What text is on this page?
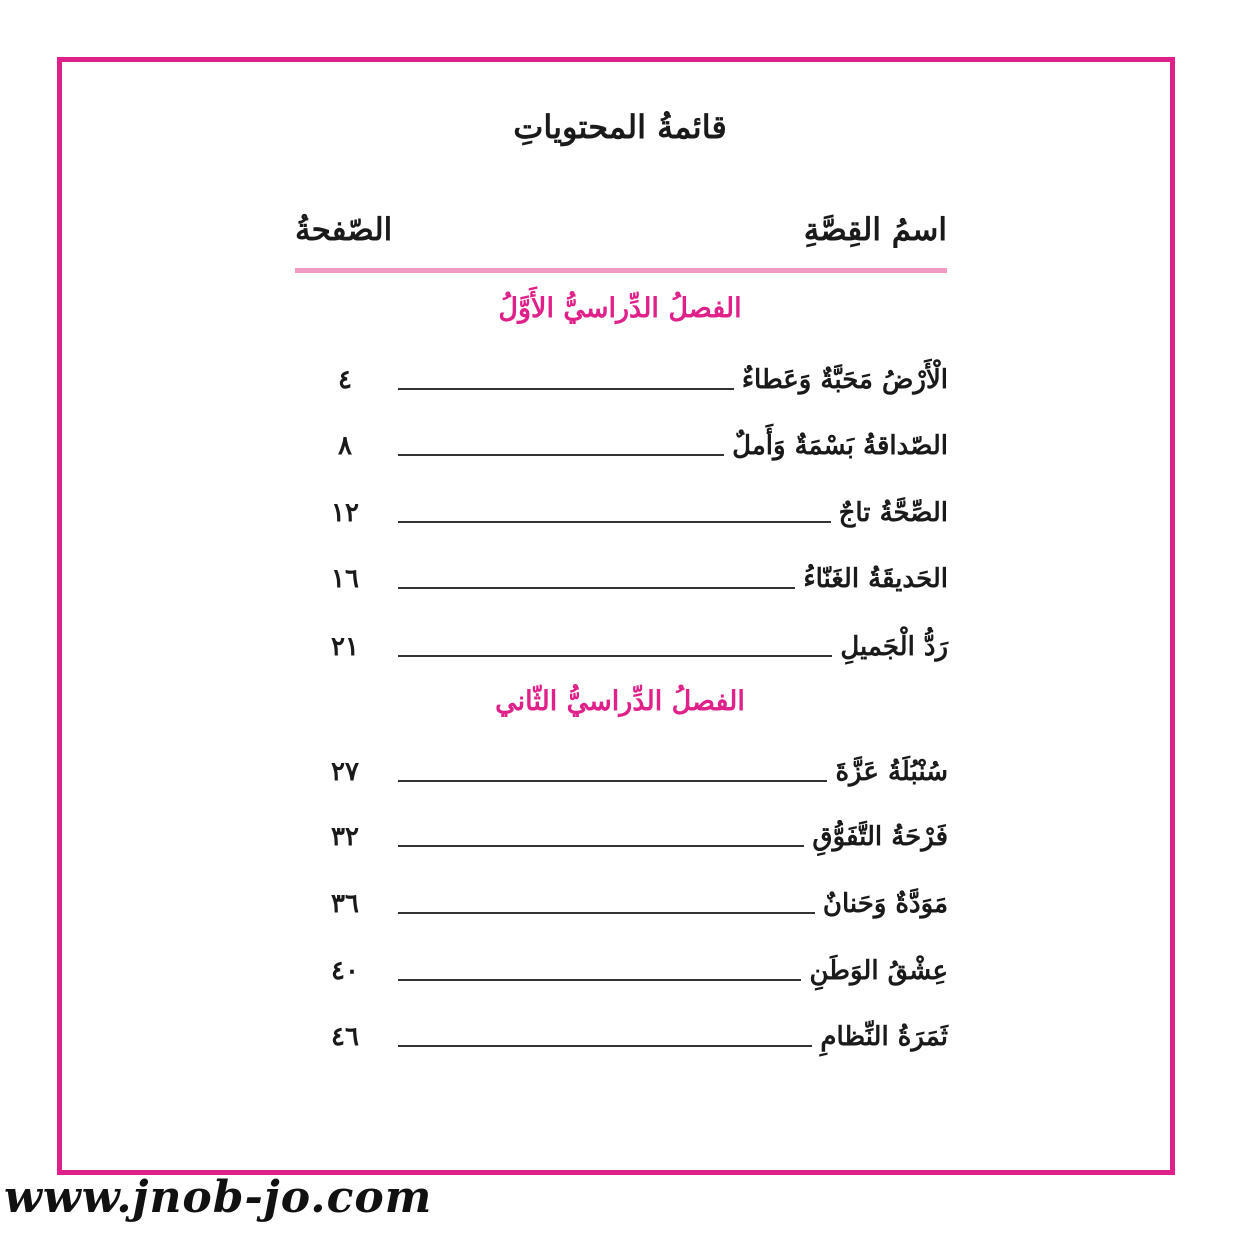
قائمةُ المحتوياتِ
اسمُ القِصَّةِ
الصّفحةُ
الفصلُ الدِّراسيُّ الأَوَّلُ
الْأَرْضُ مَحَبَّةٌ وَعَطاءٌ
٤
الصّداقةُ بَسْمَةٌ وَأَملٌ
٨
الصِّحَّةُ تاجٌ
١٢
الحَديقَةُ الغَنّاءُ
١٦
رَدُّ الْجَميلِ
٢١
الفصلُ الدِّراسيُّ الثّاني
سُنْبُلَةُ عَزَّةَ
٢٧
فَرْحَةُ التَّفَوُّقِ
٣٢
مَوَدَّةٌ وَحَنانٌ
٣٦
عِشْقُ الوَطَنِ
٤٠
ثَمَرَةُ النِّظامِ
٤٦
www.jnob-jo.com
